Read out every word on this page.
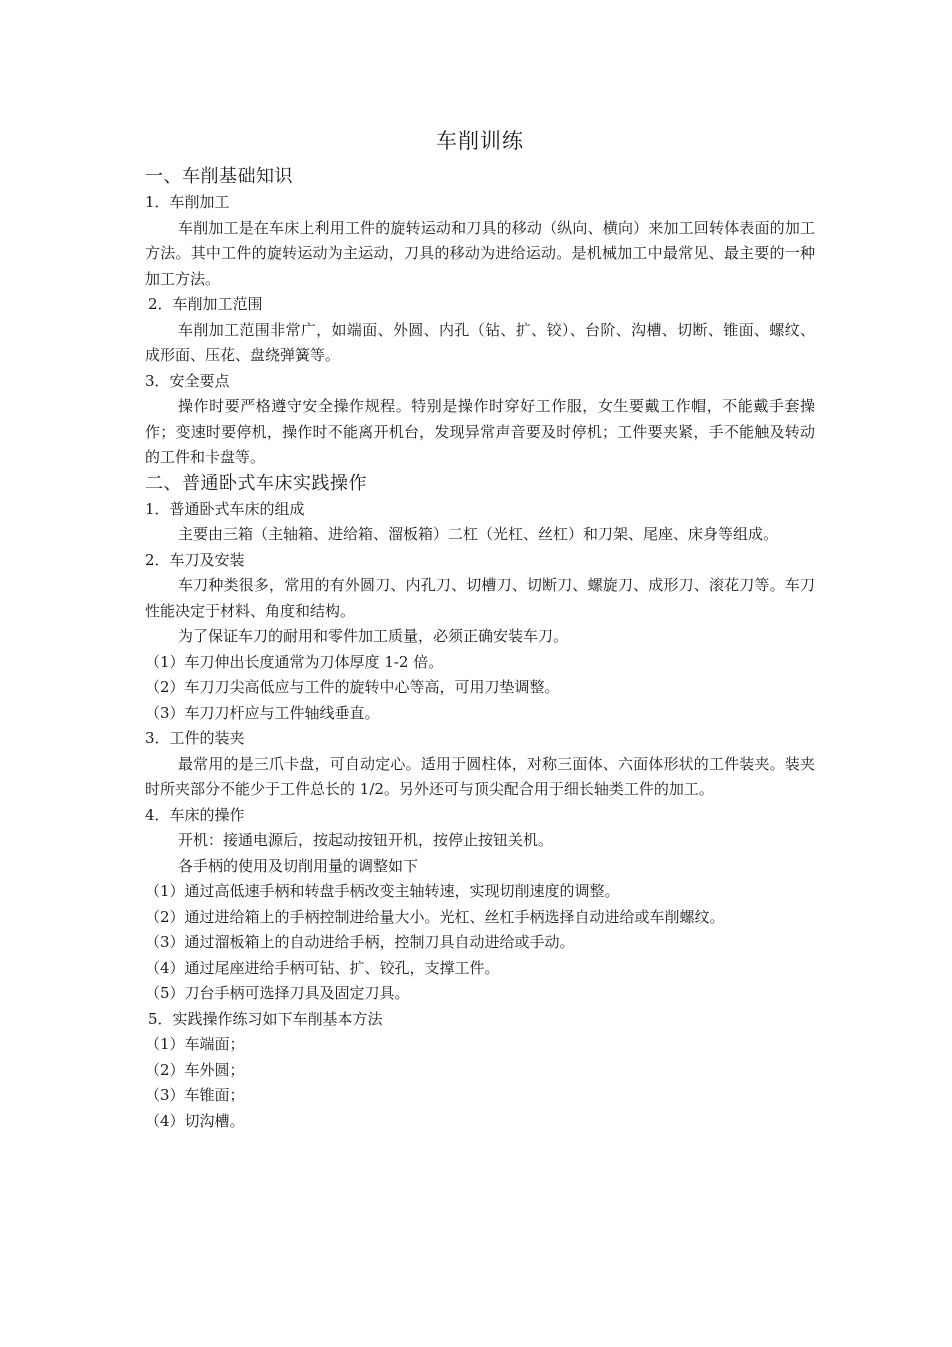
车削训练
一、车削基础知识
1．车削加工
车削加工是在车床上利用工件的旋转运动和刀具的移动（纵向、横向）来加工回转体表面的加工方法。其中工件的旋转运动为主运动，刀具的移动为进给运动。是机械加工中最常见、最主要的一种加工方法。
2．车削加工范围
车削加工范围非常广，如端面、外圆、内孔（钻、扩、铰）、台阶、沟槽、切断、锥面、螺纹、成形面、压花、盘绕弹簧等。
3．安全要点
操作时要严格遵守安全操作规程。特别是操作时穿好工作服，女生要戴工作帽，不能戴手套操作；变速时要停机，操作时不能离开机台，发现异常声音要及时停机；工件要夹紧，手不能触及转动的工件和卡盘等。
二、普通卧式车床实践操作
1．普通卧式车床的组成
主要由三箱（主轴箱、进给箱、溜板箱）二杠（光杠、丝杠）和刀架、尾座、床身等组成。
2．车刀及安装
车刀种类很多，常用的有外圆刀、内孔刀、切槽刀、切断刀、螺旋刀、成形刀、滚花刀等。车刀性能决定于材料、角度和结构。
为了保证车刀的耐用和零件加工质量，必须正确安装车刀。
（1）车刀伸出长度通常为刀体厚度 1-2 倍。
（2）车刀刀尖高低应与工件的旋转中心等高，可用刀垫调整。
（3）车刀刀杆应与工件轴线垂直。
3．工件的装夹
最常用的是三爪卡盘，可自动定心。适用于圆柱体，对称三面体、六面体形状的工件装夹。装夹时所夹部分不能少于工件总长的 1/2。另外还可与顶尖配合用于细长轴类工件的加工。
4．车床的操作
开机：接通电源后，按起动按钮开机，按停止按钮关机。
各手柄的使用及切削用量的调整如下
（1）通过高低速手柄和转盘手柄改变主轴转速，实现切削速度的调整。
（2）通过进给箱上的手柄控制进给量大小。光杠、丝杠手柄选择自动进给或车削螺纹。
（3）通过溜板箱上的自动进给手柄，控制刀具自动进给或手动。
（4）通过尾座进给手柄可钻、扩、铰孔，支撑工件。
（5）刀台手柄可选择刀具及固定刀具。
5．实践操作练习如下车削基本方法
（1）车端面；
（2）车外圆；
（3）车锥面；
（4）切沟槽。
